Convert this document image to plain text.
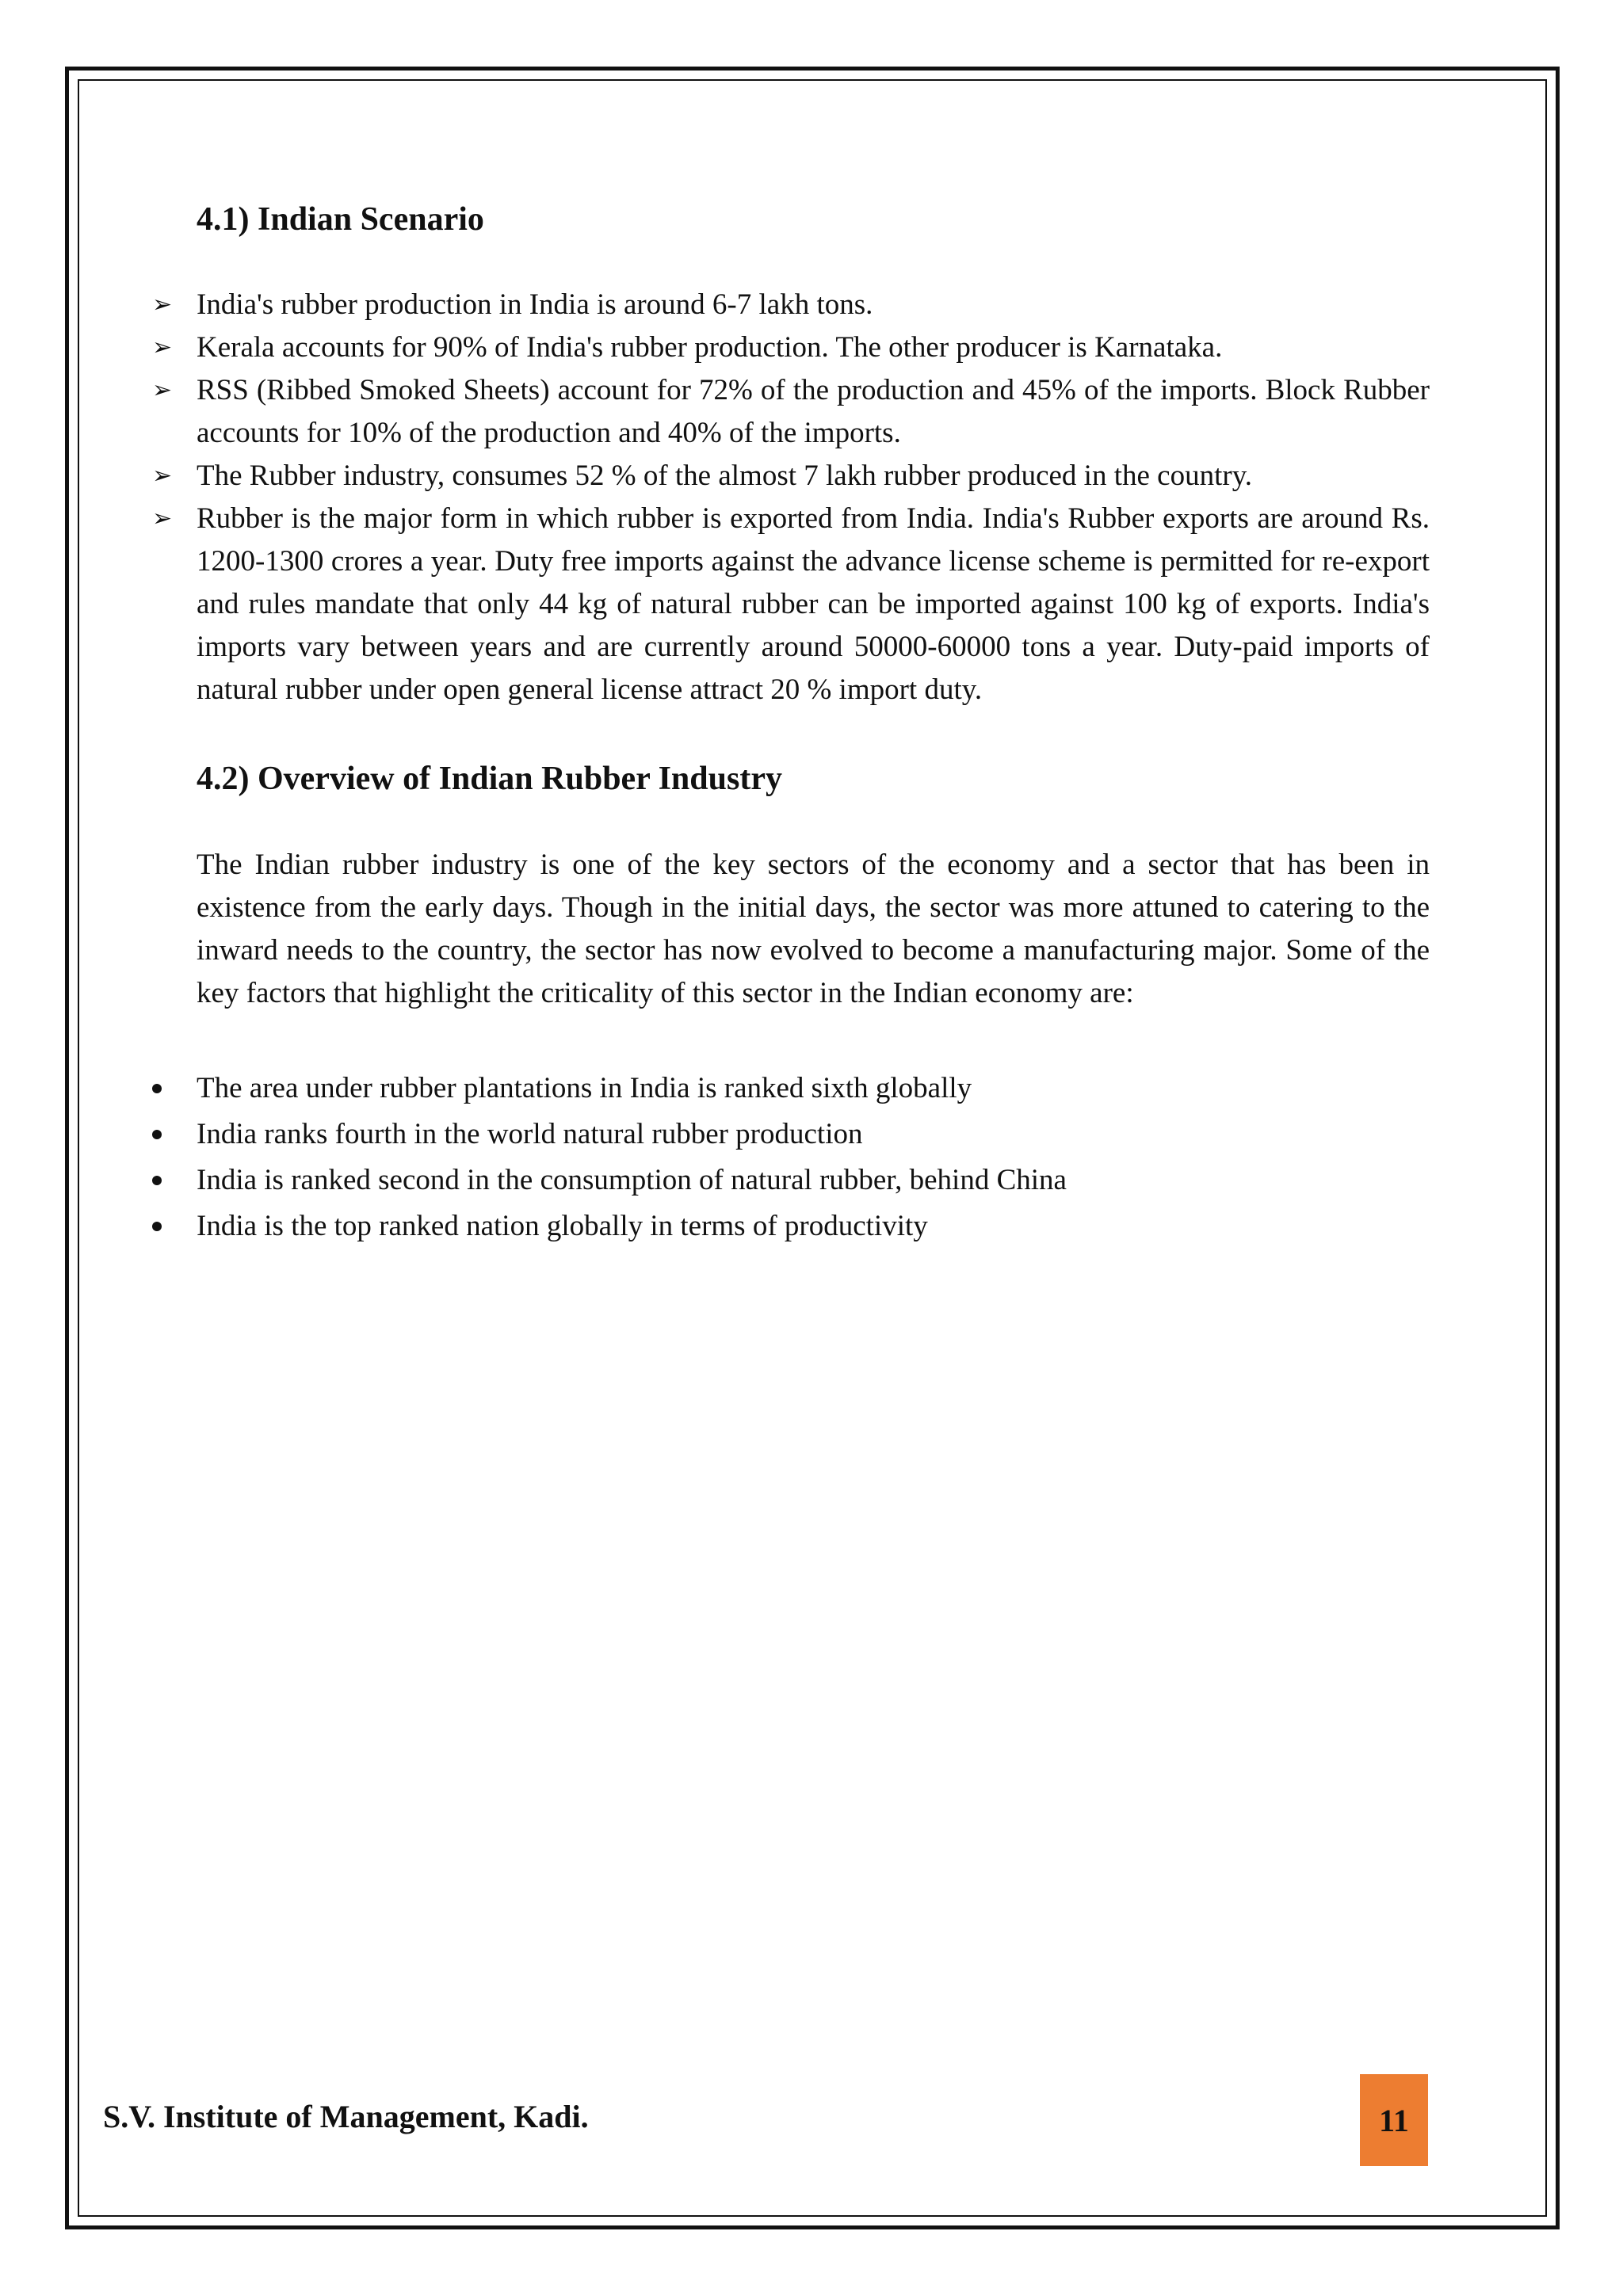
4.1) Indian Scenario
➢ India's rubber production in India is around 6-7 lakh tons.
➢ Kerala accounts for 90% of India's rubber production. The other producer is Karnataka.
➢ RSS (Ribbed Smoked Sheets) account for 72% of the production and 45% of the imports. Block Rubber accounts for 10% of the production and 40% of the imports.
➢ The Rubber industry, consumes 52 % of the almost 7 lakh rubber produced in the country.
➢ Rubber is the major form in which rubber is exported from India. India's Rubber exports are around Rs. 1200-1300 crores a year. Duty free imports against the advance license scheme is permitted for re-export and rules mandate that only 44 kg of natural rubber can be imported against 100 kg of exports. India's imports vary between years and are currently around 50000-60000 tons a year. Duty-paid imports of natural rubber under open general license attract 20 % import duty.
4.2) Overview of Indian Rubber Industry

The Indian rubber industry is one of the key sectors of the economy and a sector that has been in existence from the early days. Though in the initial days, the sector was more attuned to catering to the inward needs to the country, the sector has now evolved to become a manufacturing major. Some of the key factors that highlight the criticality of this sector in the Indian economy are:

The area under rubber plantations in India is ranked sixth globally
India ranks fourth in the world natural rubber production
India is ranked second in the consumption of natural rubber, behind China
India is the top ranked nation globally in terms of productivity
S.V. Institute of Management, Kadi.	11
